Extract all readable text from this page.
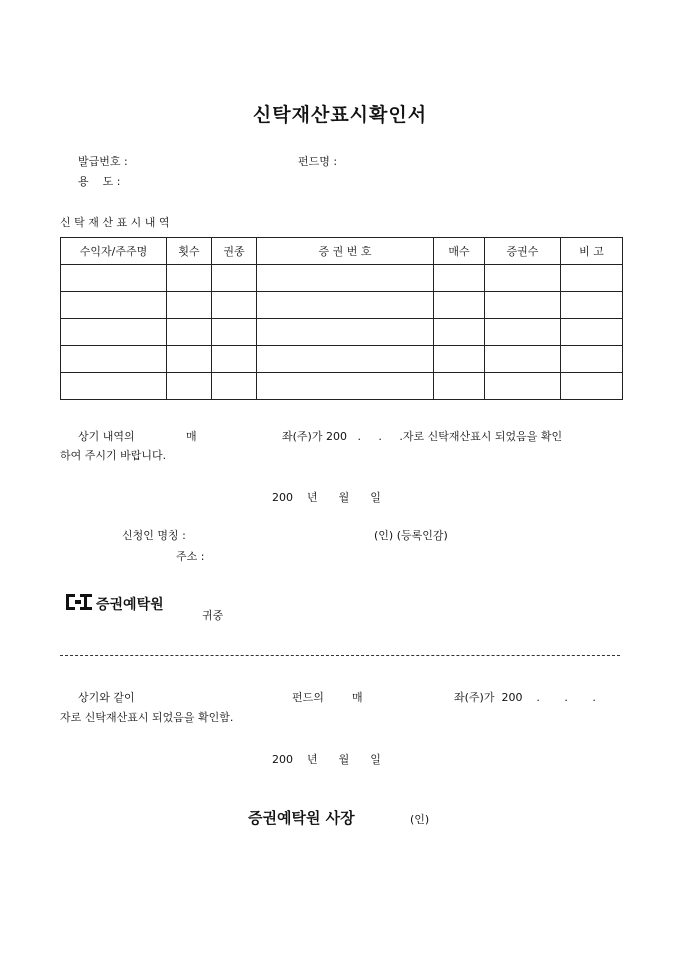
신탁재산표시확인서
발급번호 :	펀드명 :
용    도 :
신 탁 재 산 표 시 내 역
수익자/주주명	횟수	권종	증 권 번 호	매수	증권수	비 고

상기 내역의	매	좌(주)가 200   .     .     .자로 신탁재산표시 되었음을 확인
하여 주시기 바랍니다.
200    년      월      일
신청인 명칭 :	(인) (등록인감)
주소 :
증권예탁원
귀중
상기와 같이	펀드의	매	좌(주)가  200    .       .       .
자로 신탁재산표시 되었음을 확인함.
200    년      월      일
증권예탁원 사장	(인)
